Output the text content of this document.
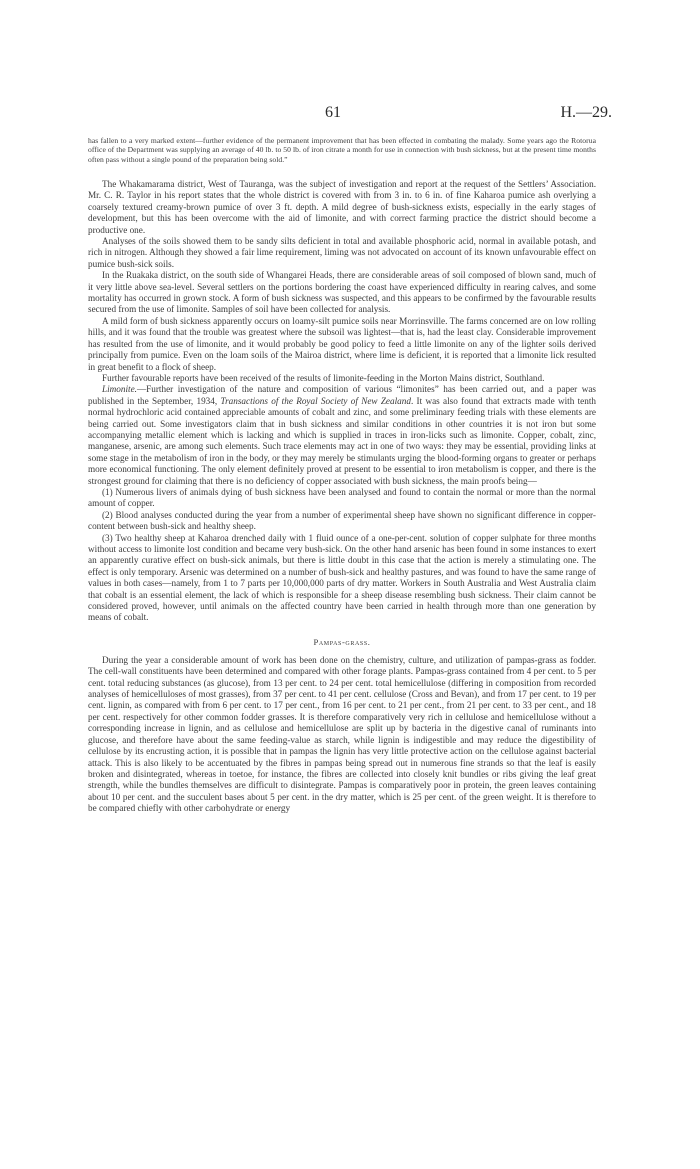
61	H.—29.
has fallen to a very marked extent—further evidence of the permanent improvement that has been effected in combating the malady. Some years ago the Rotorua office of the Department was supplying an average of 40 lb. to 50 lb. of iron citrate a month for use in connection with bush sickness, but at the present time months often pass without a single pound of the preparation being sold.”

The Whakamarama district, West of Tauranga, was the subject of investigation and report at the request of the Settlers’ Association. Mr. C. R. Taylor in his report states that the whole district is covered with from 3 in. to 6 in. of fine Kaharoa pumice ash overlying a coarsely textured creamy-brown pumice of over 3 ft. depth. A mild degree of bush-sickness exists, especially in the early stages of development, but this has been overcome with the aid of limonite, and with correct farming practice the district should become a productive one.

Analyses of the soils showed them to be sandy silts deficient in total and available phosphoric acid, normal in available potash, and rich in nitrogen. Although they showed a fair lime requirement, liming was not advocated on account of its known unfavourable effect on pumice bush-sick soils.

In the Ruakaka district, on the south side of Whangarei Heads, there are considerable areas of soil composed of blown sand, much of it very little above sea-level. Several settlers on the portions bordering the coast have experienced difficulty in rearing calves, and some mortality has occurred in grown stock. A form of bush sickness was suspected, and this appears to be confirmed by the favourable results secured from the use of limonite. Samples of soil have been collected for analysis.

A mild form of bush sickness apparently occurs on loamy-silt pumice soils near Morrinsville. The farms concerned are on low rolling hills, and it was found that the trouble was greatest where the subsoil was lightest—that is, had the least clay. Considerable improvement has resulted from the use of limonite, and it would probably be good policy to feed a little limonite on any of the lighter soils derived principally from pumice. Even on the loam soils of the Mairoa district, where lime is deficient, it is reported that a limonite lick resulted in great benefit to a flock of sheep.

Further favourable reports have been received of the results of limonite-feeding in the Morton Mains district, Southland.

Limonite.—Further investigation of the nature and composition of various “limonites” has been carried out, and a paper was published in the September, 1934, Transactions of the Royal Society of New Zealand. It was also found that extracts made with tenth normal hydrochloric acid contained appreciable amounts of cobalt and zinc, and some preliminary feeding trials with these elements are being carried out. Some investigators claim that in bush sickness and similar conditions in other countries it is not iron but some accompanying metallic element which is lacking and which is supplied in traces in iron-licks such as limonite. Copper, cobalt, zinc, manganese, arsenic, are among such elements. Such trace elements may act in one of two ways: they may be essential, providing links at some stage in the metabolism of iron in the body, or they may merely be stimulants urging the blood-forming organs to greater or perhaps more economical functioning. The only element definitely proved at present to be essential to iron metabolism is copper, and there is the strongest ground for claiming that there is no deficiency of copper associated with bush sickness, the main proofs being—

(1) Numerous livers of animals dying of bush sickness have been analysed and found to contain the normal or more than the normal amount of copper.

(2) Blood analyses conducted during the year from a number of experimental sheep have shown no significant difference in copper-content between bush-sick and healthy sheep.

(3) Two healthy sheep at Kaharoa drenched daily with 1 fluid ounce of a one-per-cent. solution of copper sulphate for three months without access to limonite lost condition and became very bush-sick. On the other hand arsenic has been found in some instances to exert an apparently curative effect on bush-sick animals, but there is little doubt in this case that the action is merely a stimulating one. The effect is only temporary. Arsenic was determined on a number of bush-sick and healthy pastures, and was found to have the same range of values in both cases—namely, from 1 to 7 parts per 10,000,000 parts of dry matter. Workers in South Australia and West Australia claim that cobalt is an essential element, the lack of which is responsible for a sheep disease resembling bush sickness. Their claim cannot be considered proved, however, until animals on the affected country have been carried in health through more than one generation by means of cobalt.

Pampas-grass.

During the year a considerable amount of work has been done on the chemistry, culture, and utilization of pampas-grass as fodder. The cell-wall constituents have been determined and compared with other forage plants. Pampas-grass contained from 4 per cent. to 5 per cent. total reducing substances (as glucose), from 13 per cent. to 24 per cent. total hemicellulose (differing in composition from recorded analyses of hemicelluloses of most grasses), from 37 per cent. to 41 per cent. cellulose (Cross and Bevan), and from 17 per cent. to 19 per cent. lignin, as compared with from 6 per cent. to 17 per cent., from 16 per cent. to 21 per cent., from 21 per cent. to 33 per cent., and 18 per cent. respectively for other common fodder grasses. It is therefore comparatively very rich in cellulose and hemicellulose without a corresponding increase in lignin, and as cellulose and hemicellulose are split up by bacteria in the digestive canal of ruminants into glucose, and therefore have about the same feeding-value as starch, while lignin is indigestible and may reduce the digestibility of cellulose by its encrusting action, it is possible that in pampas the lignin has very little protective action on the cellulose against bacterial attack. This is also likely to be accentuated by the fibres in pampas being spread out in numerous fine strands so that the leaf is easily broken and disintegrated, whereas in toetoe, for instance, the fibres are collected into closely knit bundles or ribs giving the leaf great strength, while the bundles themselves are difficult to disintegrate. Pampas is comparatively poor in protein, the green leaves containing about 10 per cent. and the succulent bases about 5 per cent. in the dry matter, which is 25 per cent. of the green weight. It is therefore to be compared chiefly with other carbohydrate or energy
